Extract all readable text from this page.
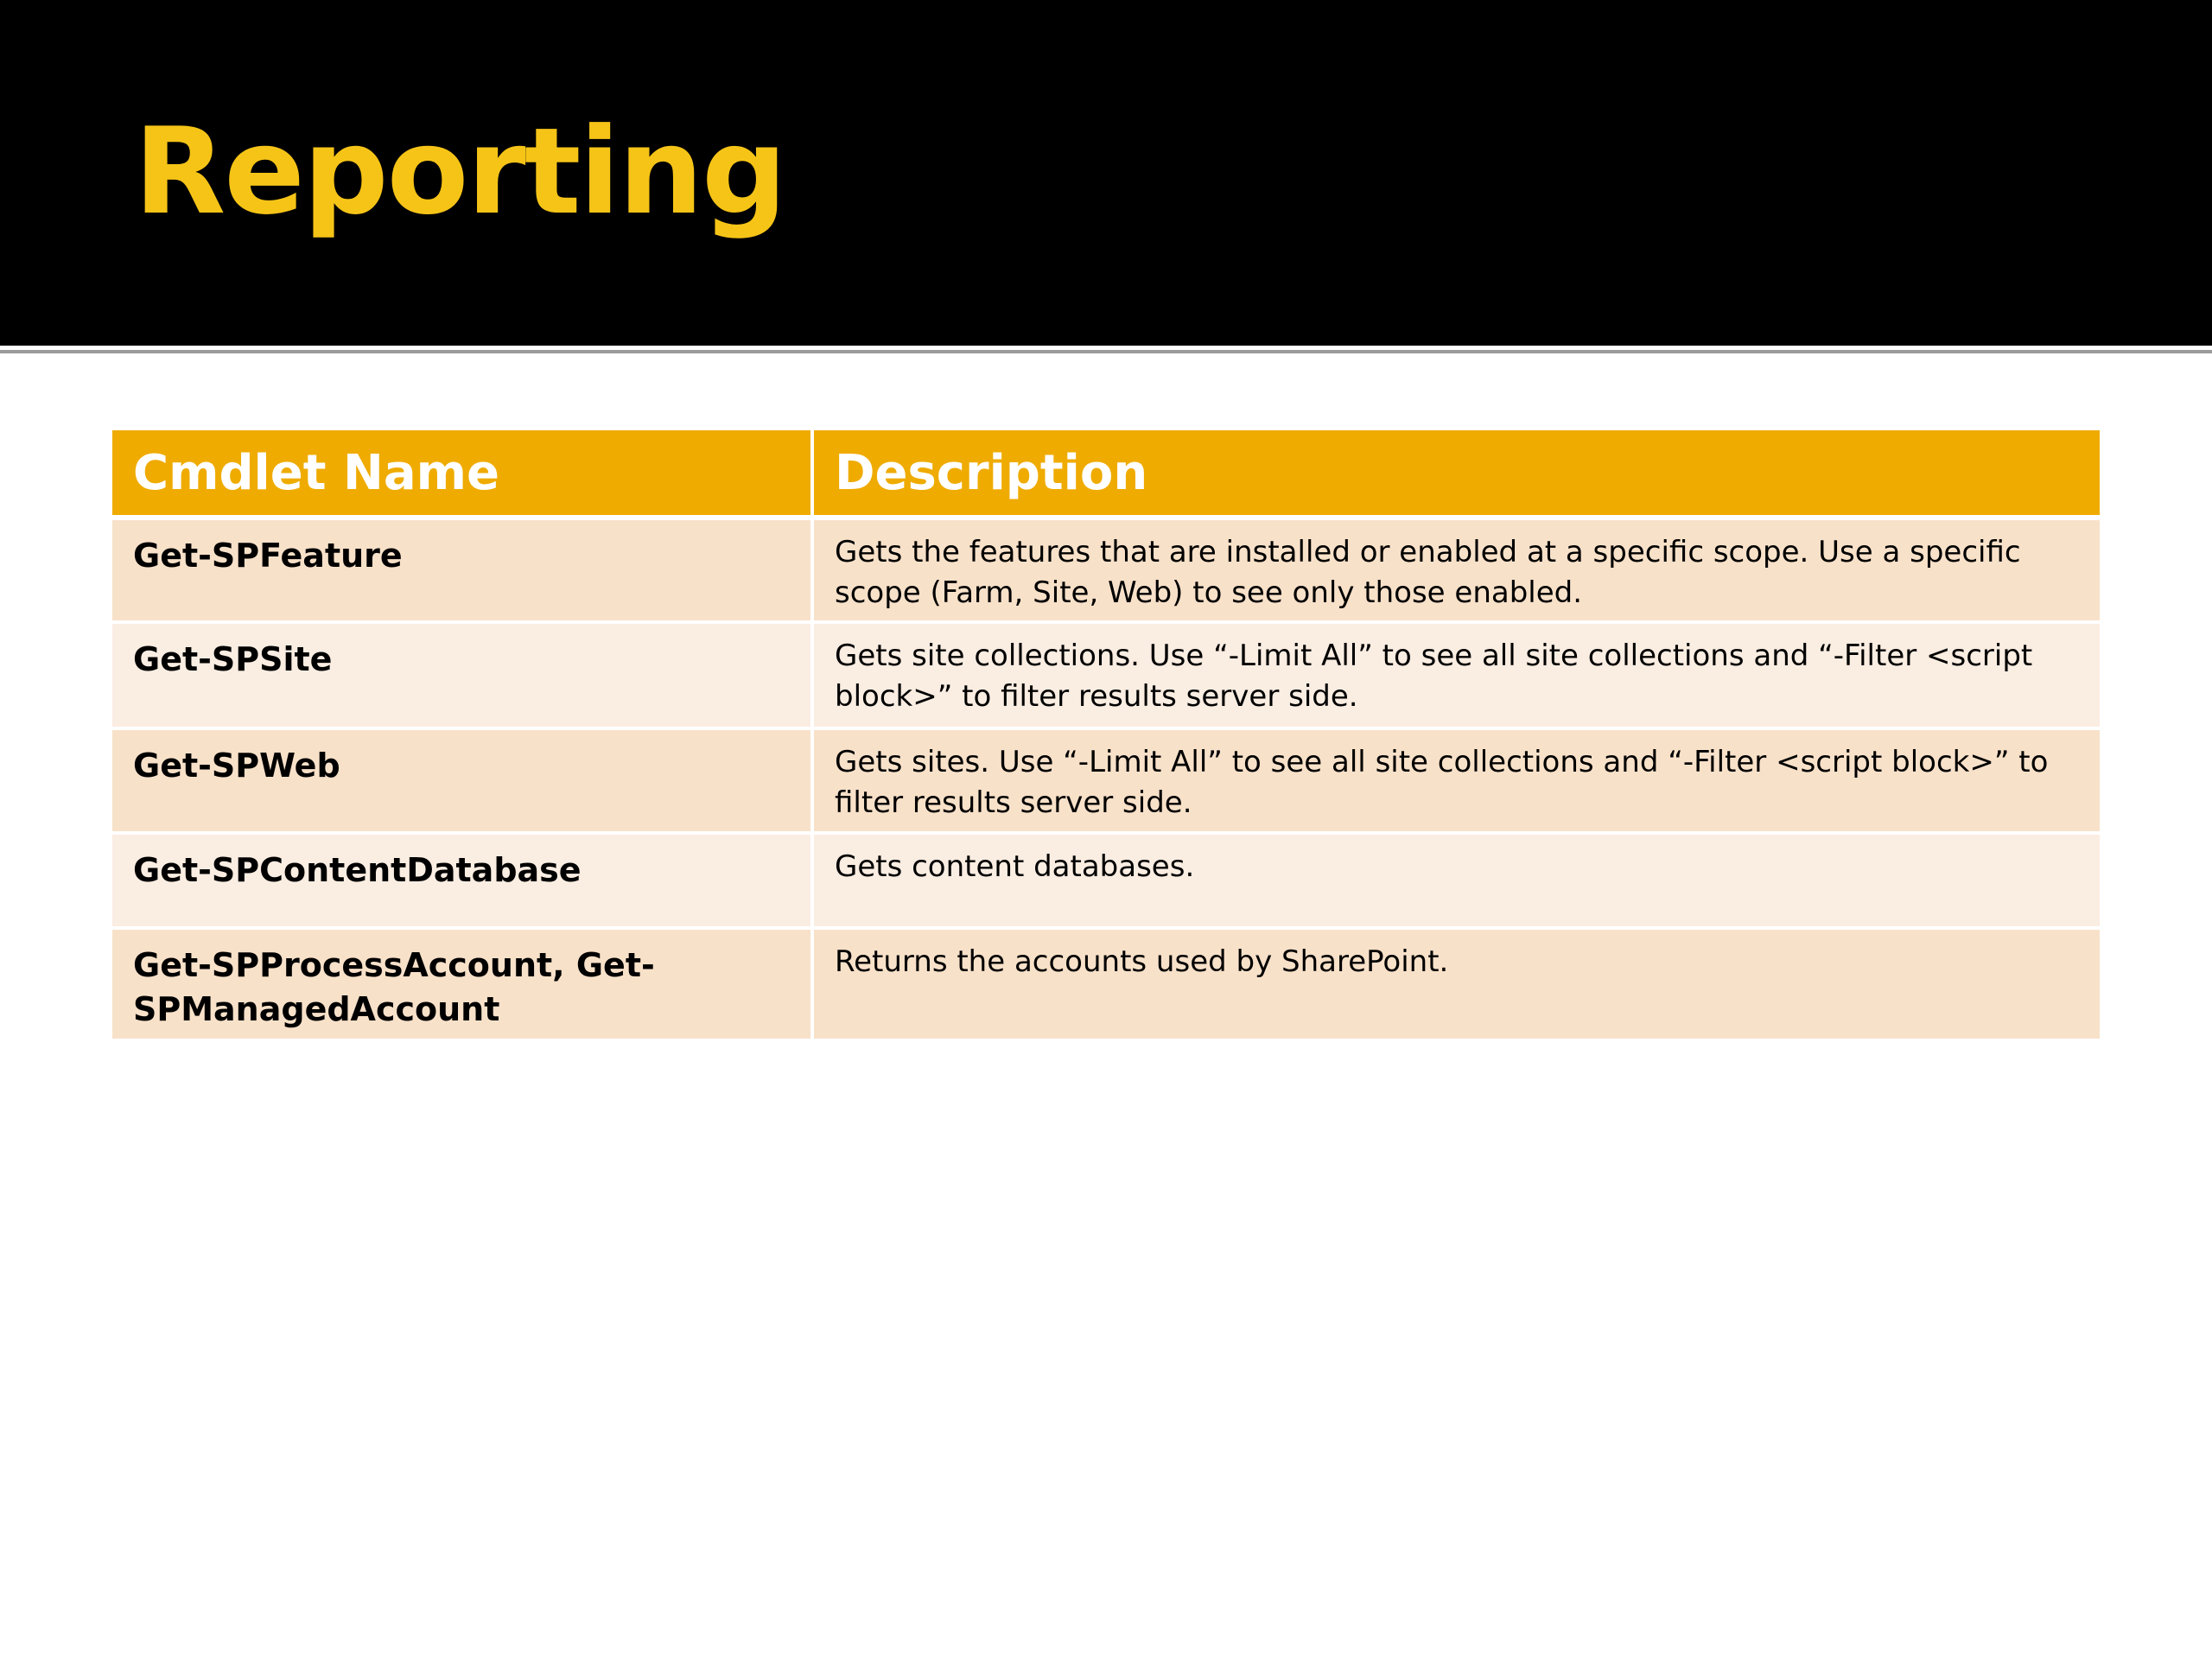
Reporting
Cmdlet Name	Description
Get-SPFeature	Gets the features that are installed or enabled at a specific scope. Use a specific scope (Farm, Site, Web) to see only those enabled.
Get-SPSite	Gets site collections. Use “-Limit All” to see all site collections and “-Filter <script block>” to filter results server side.
Get-SPWeb	Gets sites. Use “-Limit All” to see all site collections and “-Filter <script block>” to filter results server side.
Get-SPContentDatabase	Gets content databases.
Get-SPProcessAccount, Get-SPManagedAccount	Returns the accounts used by SharePoint.
